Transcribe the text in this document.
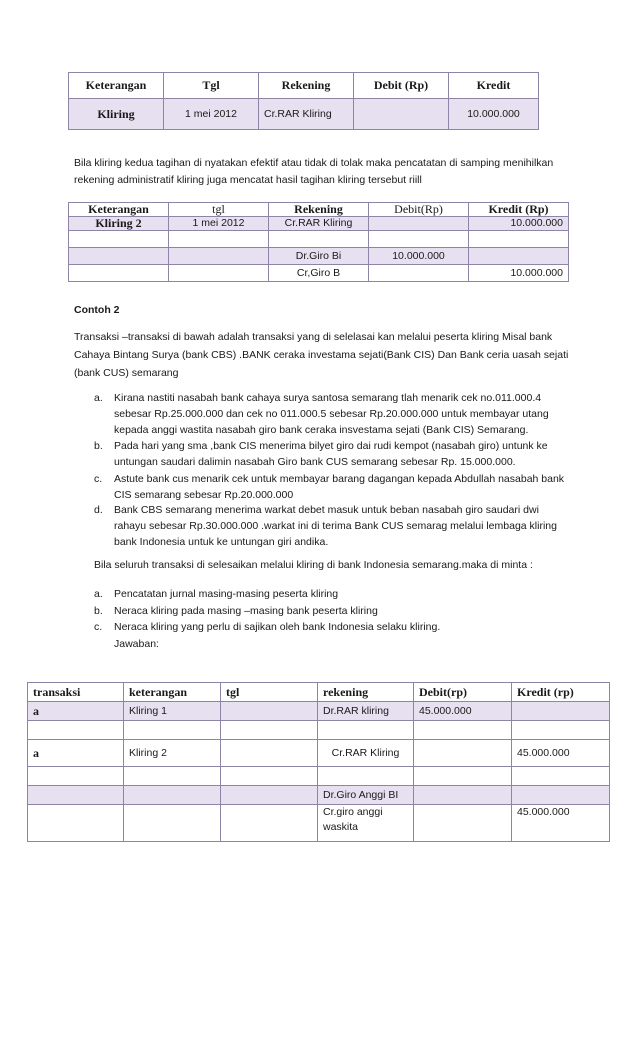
Keterangan	Tgl	Rekening	Debit (Rp)	Kredit
Kliring	1 mei 2012	Cr.RAR Kliring		10.000.000
Bila kliring kedua tagihan di nyatakan efektif atau tidak di tolak maka pencatatan di samping menihilkan
rekening administratif kliring juga mencatat hasil tagihan kliring tersebut riill
Keterangan	tgl	Rekening	Debit(Rp)	Kredit (Rp)
Kliring 2	1 mei 2012	Cr.RAR Kliring		10.000.000

		Dr.Giro Bi	10.000.000	
		Cr,Giro B		10.000.000
Contoh 2
Transaksi –transaksi di bawah adalah transaksi yang di selelasai kan melalui peserta kliring Misal bank
Cahaya Bintang Surya (bank CBS) .BANK ceraka investama sejati(Bank CIS) Dan Bank ceria uasah sejati
(bank CUS) semarang
a. Kirana nastiti nasabah bank cahaya surya santosa semarang tlah menarik cek no.011.000.4
sebesar Rp.25.000.000 dan cek no 011.000.5 sebesar Rp.20.000.000 untuk membayar utang
kepada anggi wastita nasabah giro bank ceraka insvestama sejati (Bank CIS) Semarang.
b. Pada hari yang sma ,bank CIS menerima bilyet giro dai rudi kempot (nasabah giro) untunk ke
untungan saudari dalimin nasabah Giro bank CUS semarang sebesar Rp. 15.000.000.
c. Astute bank cus menarik cek untuk membayar barang dagangan kepada Abdullah nasabah bank
CIS semarang sebesar Rp.20.000.000
d. Bank CBS semarang menerima warkat debet masuk untuk beban nasabah giro saudari dwi
rahayu sebesar Rp.30.000.000 .warkat ini di terima Bank CUS semarag melalui lembaga kliring
bank Indonesia untuk ke untungan giri andika.
Bila seluruh transaksi di selesaikan melalui kliring di bank Indonesia semarang.maka di minta :
a. Pencatatan jurnal masing-masing peserta kliring
b. Neraca kliring pada masing –masing bank peserta kliring
c. Neraca kliring yang perlu di sajikan oleh bank Indonesia selaku kliring.
Jawaban:
transaksi	keterangan	tgl	rekening	Debit(rp)	Kredit (rp)
a	Kliring 1		Dr.RAR kliring	45.000.000	

a	Kliring 2		Cr.RAR Kliring		45.000.000

			Dr.Giro Anggi BI		
			Cr.giro anggi waskita		45.000.000
